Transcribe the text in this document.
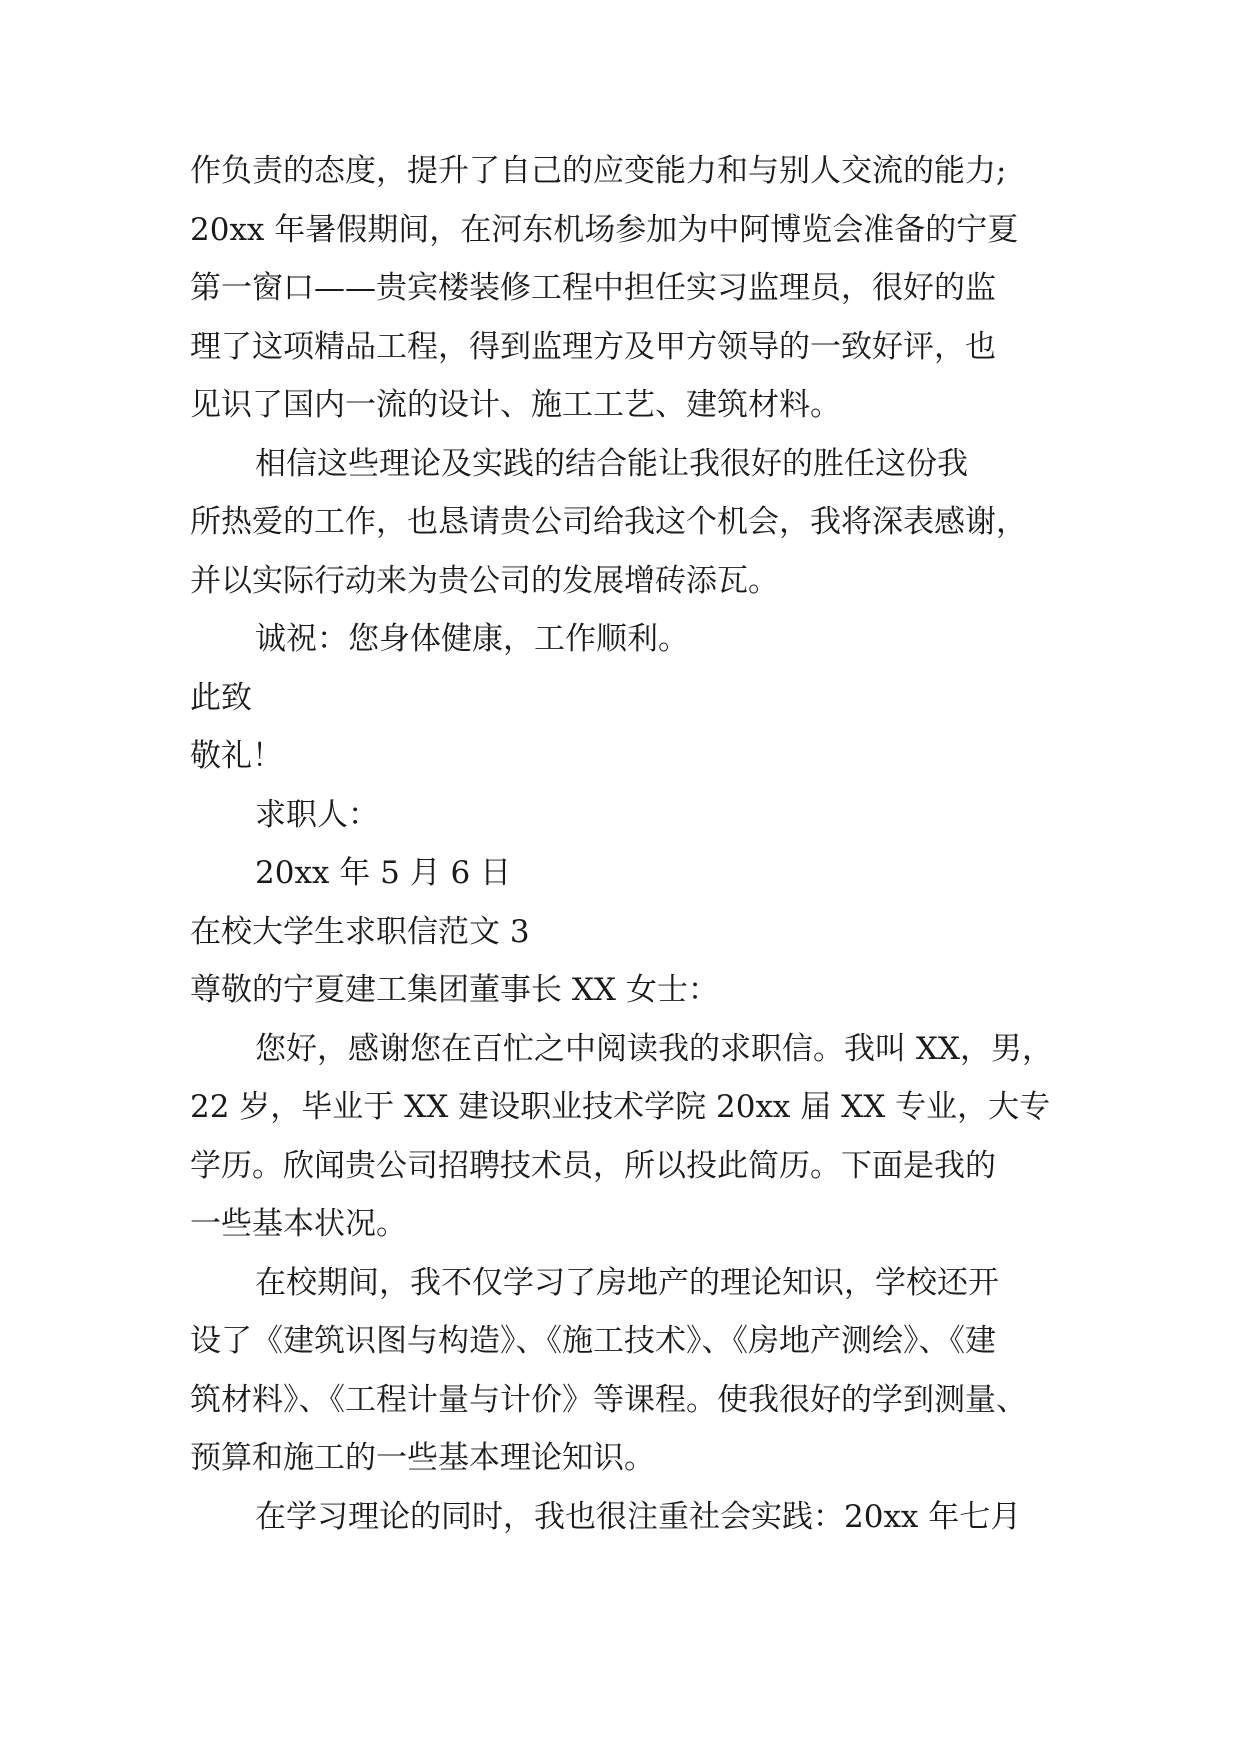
作负责的态度，提升了自己的应变能力和与别人交流的能力;
20xx 年暑假期间，在河东机场参加为中阿博览会准备的宁夏
第一窗口——贵宾楼装修工程中担任实习监理员，很好的监
理了这项精品工程，得到监理方及甲方领导的一致好评，也
见识了国内一流的设计、施工工艺、建筑材料。
相信这些理论及实践的结合能让我很好的胜任这份我
所热爱的工作，也恳请贵公司给我这个机会，我将深表感谢，
并以实际行动来为贵公司的发展增砖添瓦。
诚祝：您身体健康，工作顺利。
此致
敬礼！
求职人：
20xx 年 5 月 6 日
在校大学生求职信范文 3
尊敬的宁夏建工集团董事长 XX 女士：
您好，感谢您在百忙之中阅读我的求职信。我叫 XX，男，
22 岁，毕业于 XX 建设职业技术学院 20xx 届 XX 专业，大专
学历。欣闻贵公司招聘技术员，所以投此简历。下面是我的
一些基本状况。
在校期间，我不仅学习了房地产的理论知识，学校还开
设了《建筑识图与构造》、《施工技术》、《房地产测绘》、《建
筑材料》、《工程计量与计价》等课程。使我很好的学到测量、
预算和施工的一些基本理论知识。
在学习理论的同时，我也很注重社会实践：20xx 年七月
